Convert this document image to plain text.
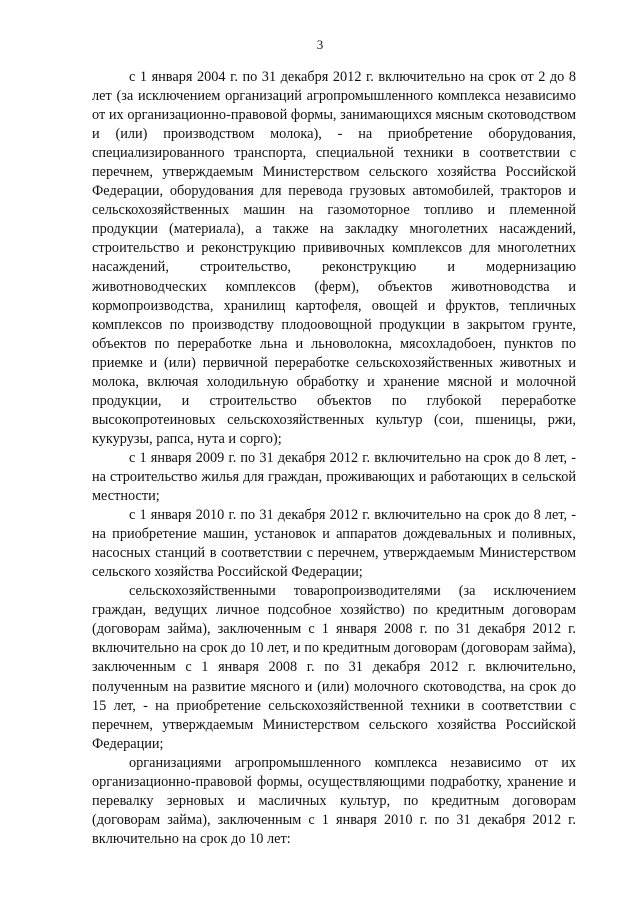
3

с 1 января 2004 г. по 31 декабря 2012 г. включительно на срок от 2 до 8 лет (за исключением организаций агропромышленного комплекса независимо от их организационно-правовой формы, занимающихся мясным скотоводством и (или) производством молока), - на приобретение оборудования, специализированного транспорта, специальной техники в соответствии с перечнем, утверждаемым Министерством сельского хозяйства Российской Федерации, оборудования для перевода грузовых автомобилей, тракторов и сельскохозяйственных машин на газомоторное топливо и племенной продукции (материала), а также на закладку многолетних насаждений, строительство и реконструкцию прививочных комплексов для многолетних насаждений, строительство, реконструкцию и модернизацию животноводческих комплексов (ферм), объектов животноводства и кормопроизводства, хранилищ картофеля, овощей и фруктов, тепличных комплексов по производству плодоовощной продукции в закрытом грунте, объектов по переработке льна и льноволокна, мясохладобоен, пунктов по приемке и (или) первичной переработке сельскохозяйственных животных и молока, включая холодильную обработку и хранение мясной и молочной продукции, и строительство объектов по глубокой переработке высокопротеиновых сельскохозяйственных культур (сои, пшеницы, ржи, кукурузы, рапса, нута и сорго);

с 1 января 2009 г. по 31 декабря 2012 г. включительно на срок до 8 лет, - на строительство жилья для граждан, проживающих и работающих в сельской местности;

с 1 января 2010 г. по 31 декабря 2012 г. включительно на срок до 8 лет, - на приобретение машин, установок и аппаратов дождевальных и поливных, насосных станций в соответствии с перечнем, утверждаемым Министерством сельского хозяйства Российской Федерации;

сельскохозяйственными товаропроизводителями (за исключением граждан, ведущих личное подсобное хозяйство) по кредитным договорам (договорам займа), заключенным с 1 января 2008 г. по 31 декабря 2012 г. включительно на срок до 10 лет, и по кредитным договорам (договорам займа), заключенным с 1 января 2008 г. по 31 декабря 2012 г. включительно, полученным на развитие мясного и (или) молочного скотоводства, на срок до 15 лет, - на приобретение сельскохозяйственной техники в соответствии с перечнем, утверждаемым Министерством сельского хозяйства Российской Федерации;

организациями агропромышленного комплекса независимо от их организационно-правовой формы, осуществляющими подработку, хранение и перевалку зерновых и масличных культур, по кредитным договорам (договорам займа), заключенным с 1 января 2010 г. по 31 декабря 2012 г. включительно на срок до 10 лет:
